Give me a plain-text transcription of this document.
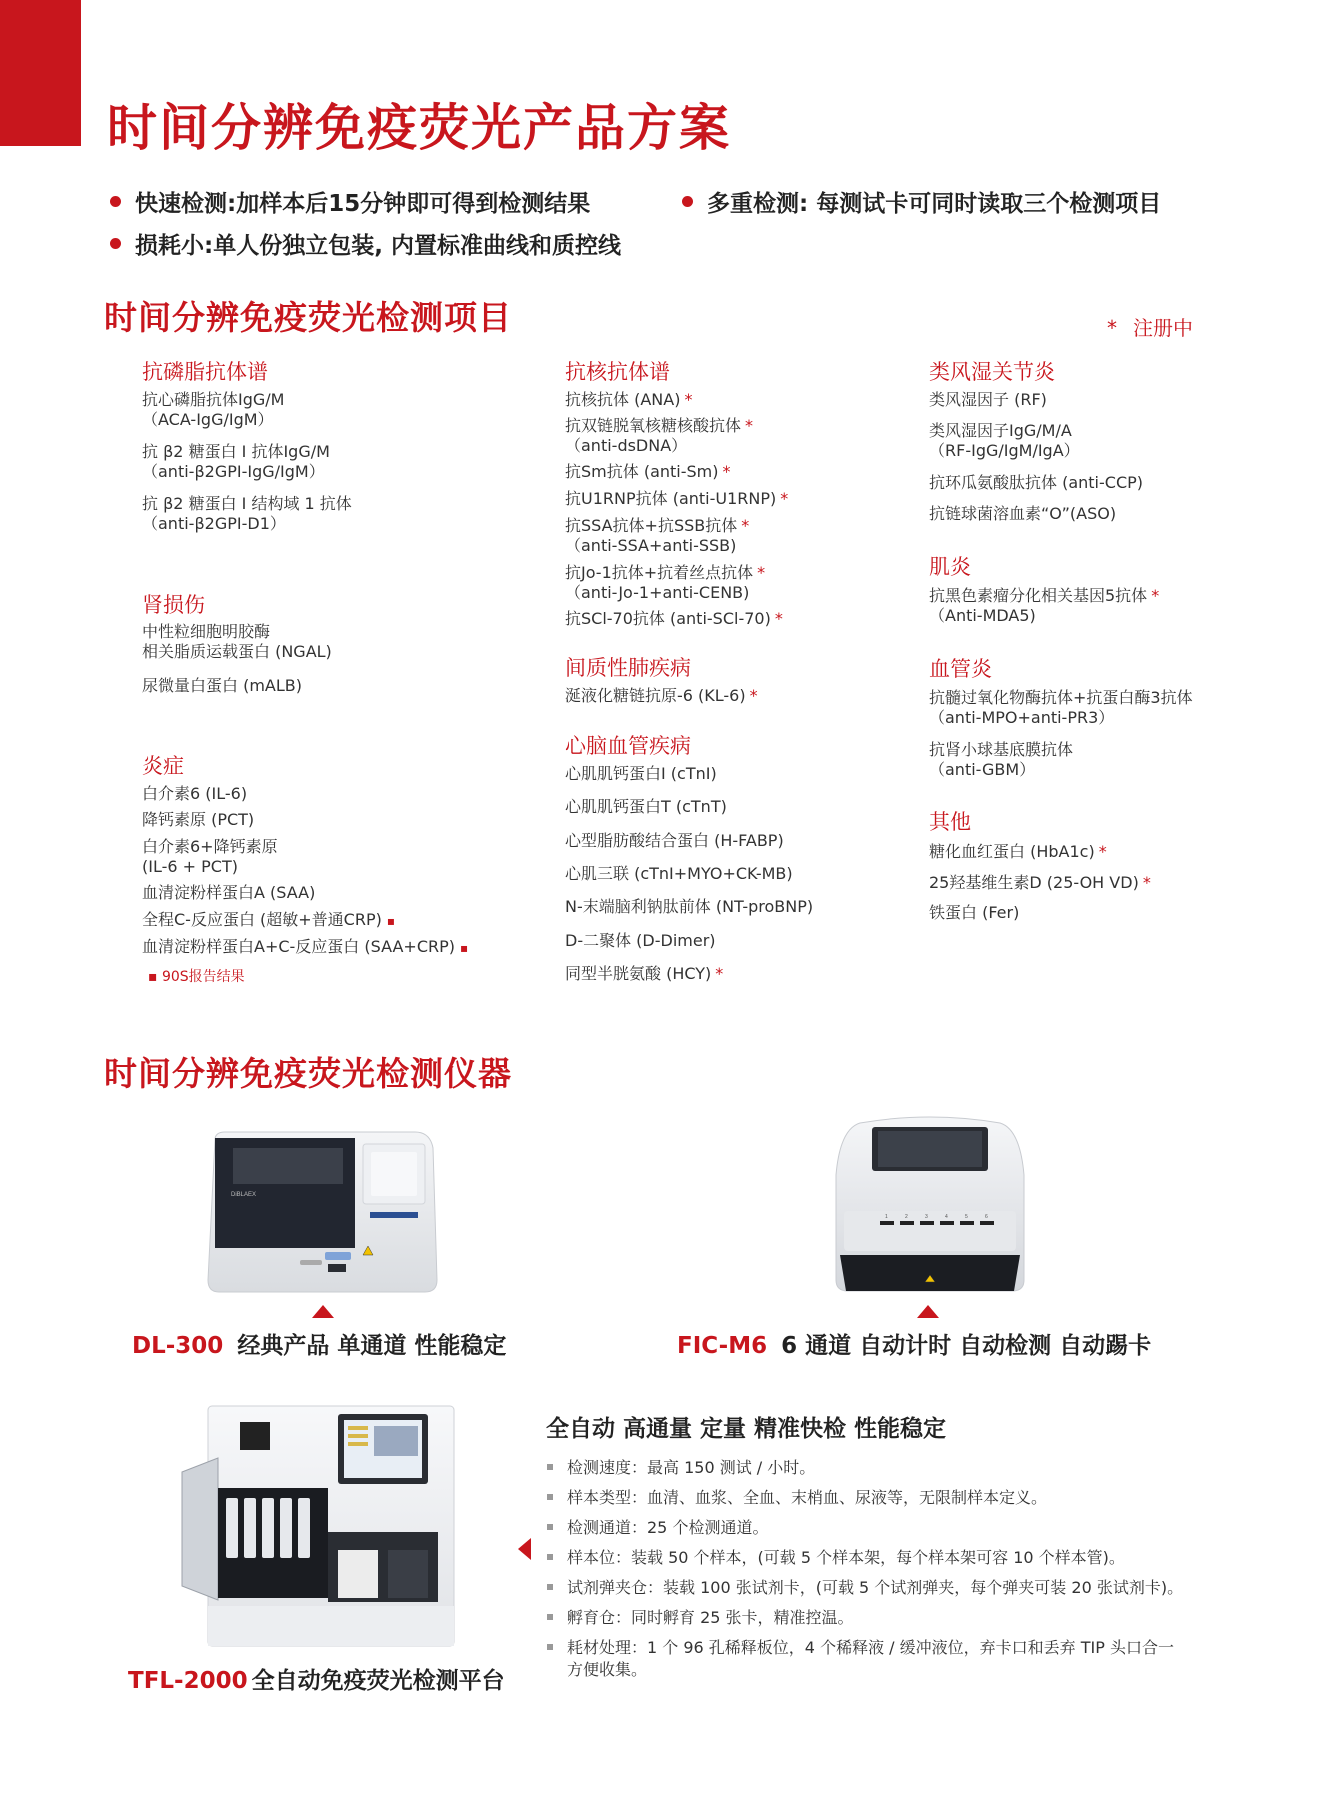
时间分辨免疫荧光产品方案
快速检测:加样本后15分钟即可得到检测结果	多重检测: 每测试卡可同时读取三个检测项目
损耗小:单人份独立包装, 内置标准曲线和质控线
时间分辨免疫荧光检测项目	* 注册中
抗磷脂抗体谱
抗心磷脂抗体IgG/M
（ACA-IgG/IgM）
抗 β2 糖蛋白 I 抗体IgG/M
（anti-β2GPI-IgG/IgM）
抗 β2 糖蛋白 I 结构域 1 抗体
（anti-β2GPI-D1）
肾损伤
中性粒细胞明胶酶
相关脂质运载蛋白 (NGAL)
尿微量白蛋白 (mALB)
炎症
白介素6 (IL-6)
降钙素原 (PCT)
白介素6+降钙素原
(IL-6 + PCT)
血清淀粉样蛋白A (SAA)
全程C-反应蛋白 (超敏+普通CRP) ▪
血清淀粉样蛋白A+C-反应蛋白 (SAA+CRP) ▪
▪ 90S报告结果
抗核抗体谱
抗核抗体 (ANA) *
抗双链脱氧核糖核酸抗体 *
（anti-dsDNA）
抗Sm抗体 (anti-Sm) *
抗U1RNP抗体 (anti-U1RNP) *
抗SSA抗体+抗SSB抗体 *
（anti-SSA+anti-SSB)
抗Jo-1抗体+抗着丝点抗体 *
（anti-Jo-1+anti-CENB)
抗SCl-70抗体 (anti-SCl-70) *
间质性肺疾病
涎液化糖链抗原-6 (KL-6) *
心脑血管疾病
心肌肌钙蛋白I (cTnI)
心肌肌钙蛋白T (cTnT)
心型脂肪酸结合蛋白 (H-FABP)
心肌三联 (cTnI+MYO+CK-MB)
N-末端脑利钠肽前体 (NT-proBNP)
D-二聚体 (D-Dimer)
同型半胱氨酸 (HCY) *
类风湿关节炎
类风湿因子 (RF)
类风湿因子IgG/M/A
（RF-IgG/IgM/IgA）
抗环瓜氨酸肽抗体 (anti-CCP)
抗链球菌溶血素“O”(ASO)
肌炎
抗黑色素瘤分化相关基因5抗体 *
（Anti-MDA5)
血管炎
抗髓过氧化物酶抗体+抗蛋白酶3抗体
（anti-MPO+anti-PR3）
抗肾小球基底膜抗体
（anti-GBM）
其他
糖化血红蛋白 (HbA1c) *
25羟基维生素D (25-OH VD) *
铁蛋白 (Fer)
时间分辨免疫荧光检测仪器
DiBLAEX
DL-300 经典产品 单通道 性能稳定
1	2	3	4	5	6
FIC-M6 6 通道 自动计时 自动检测 自动踢卡
TFL-2000 全自动免疫荧光检测平台
全自动 高通量 定量 精准快检 性能稳定
检测速度：最高 150 测试 / 小时。
样本类型：血清、血浆、全血、末梢血、尿液等，无限制样本定义。
检测通道：25 个检测通道。
样本位：装载 50 个样本，(可载 5 个样本架，每个样本架可容 10 个样本管)。
试剂弹夹仓：装载 100 张试剂卡，(可载 5 个试剂弹夹，每个弹夹可装 20 张试剂卡)。
孵育仓：同时孵育 25 张卡，精准控温。
耗材处理：1 个 96 孔稀释板位，4 个稀释液 / 缓冲液位，弃卡口和丢弃 TIP 头口合一
方便收集。
